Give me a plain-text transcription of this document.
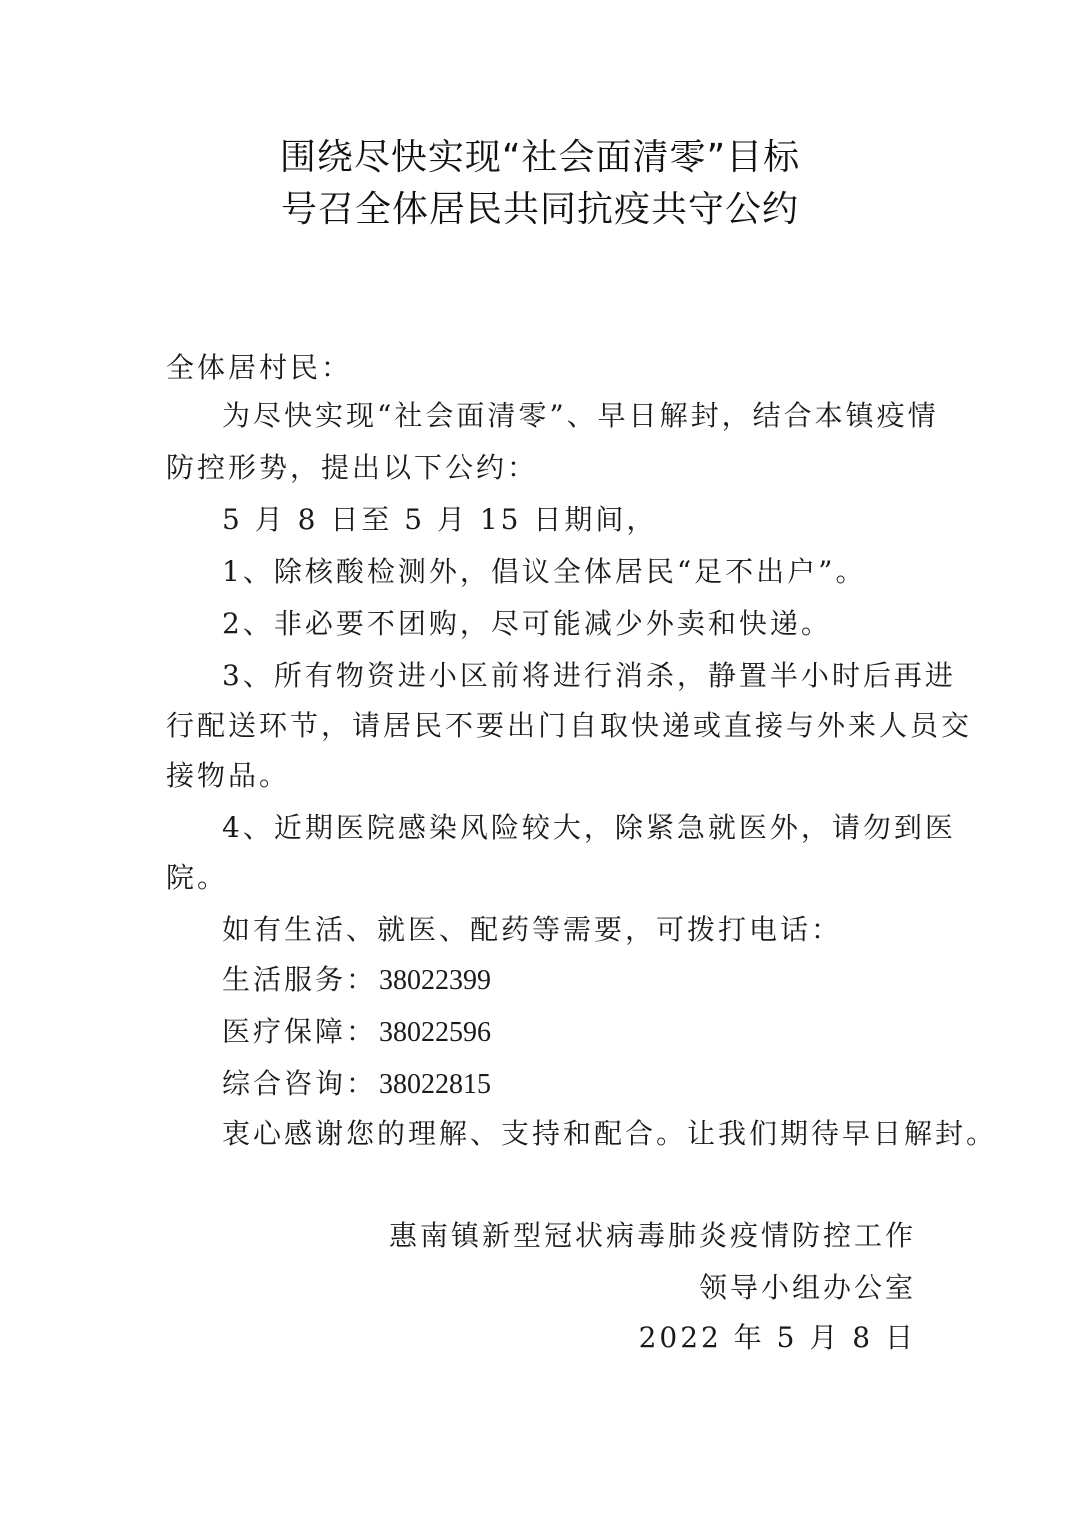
围绕尽快实现“社会面清零”目标
号召全体居民共同抗疫共守公约
全体居村民：
为尽快实现“社会面清零”、早日解封，结合本镇疫情
防控形势，提出以下公约：
5 月 8 日至 5 月 15 日期间，
1、除核酸检测外，倡议全体居民“足不出户”。
2、非必要不团购，尽可能减少外卖和快递。
3、所有物资进小区前将进行消杀，静置半小时后再进
行配送环节，请居民不要出门自取快递或直接与外来人员交
接物品。
4、近期医院感染风险较大，除紧急就医外，请勿到医
院。
如有生活、就医、配药等需要，可拨打电话：
生活服务：38022399
医疗保障：38022596
综合咨询：38022815
衷心感谢您的理解、支持和配合。让我们期待早日解封。
惠南镇新型冠状病毒肺炎疫情防控工作
领导小组办公室
2022 年 5 月 8 日
